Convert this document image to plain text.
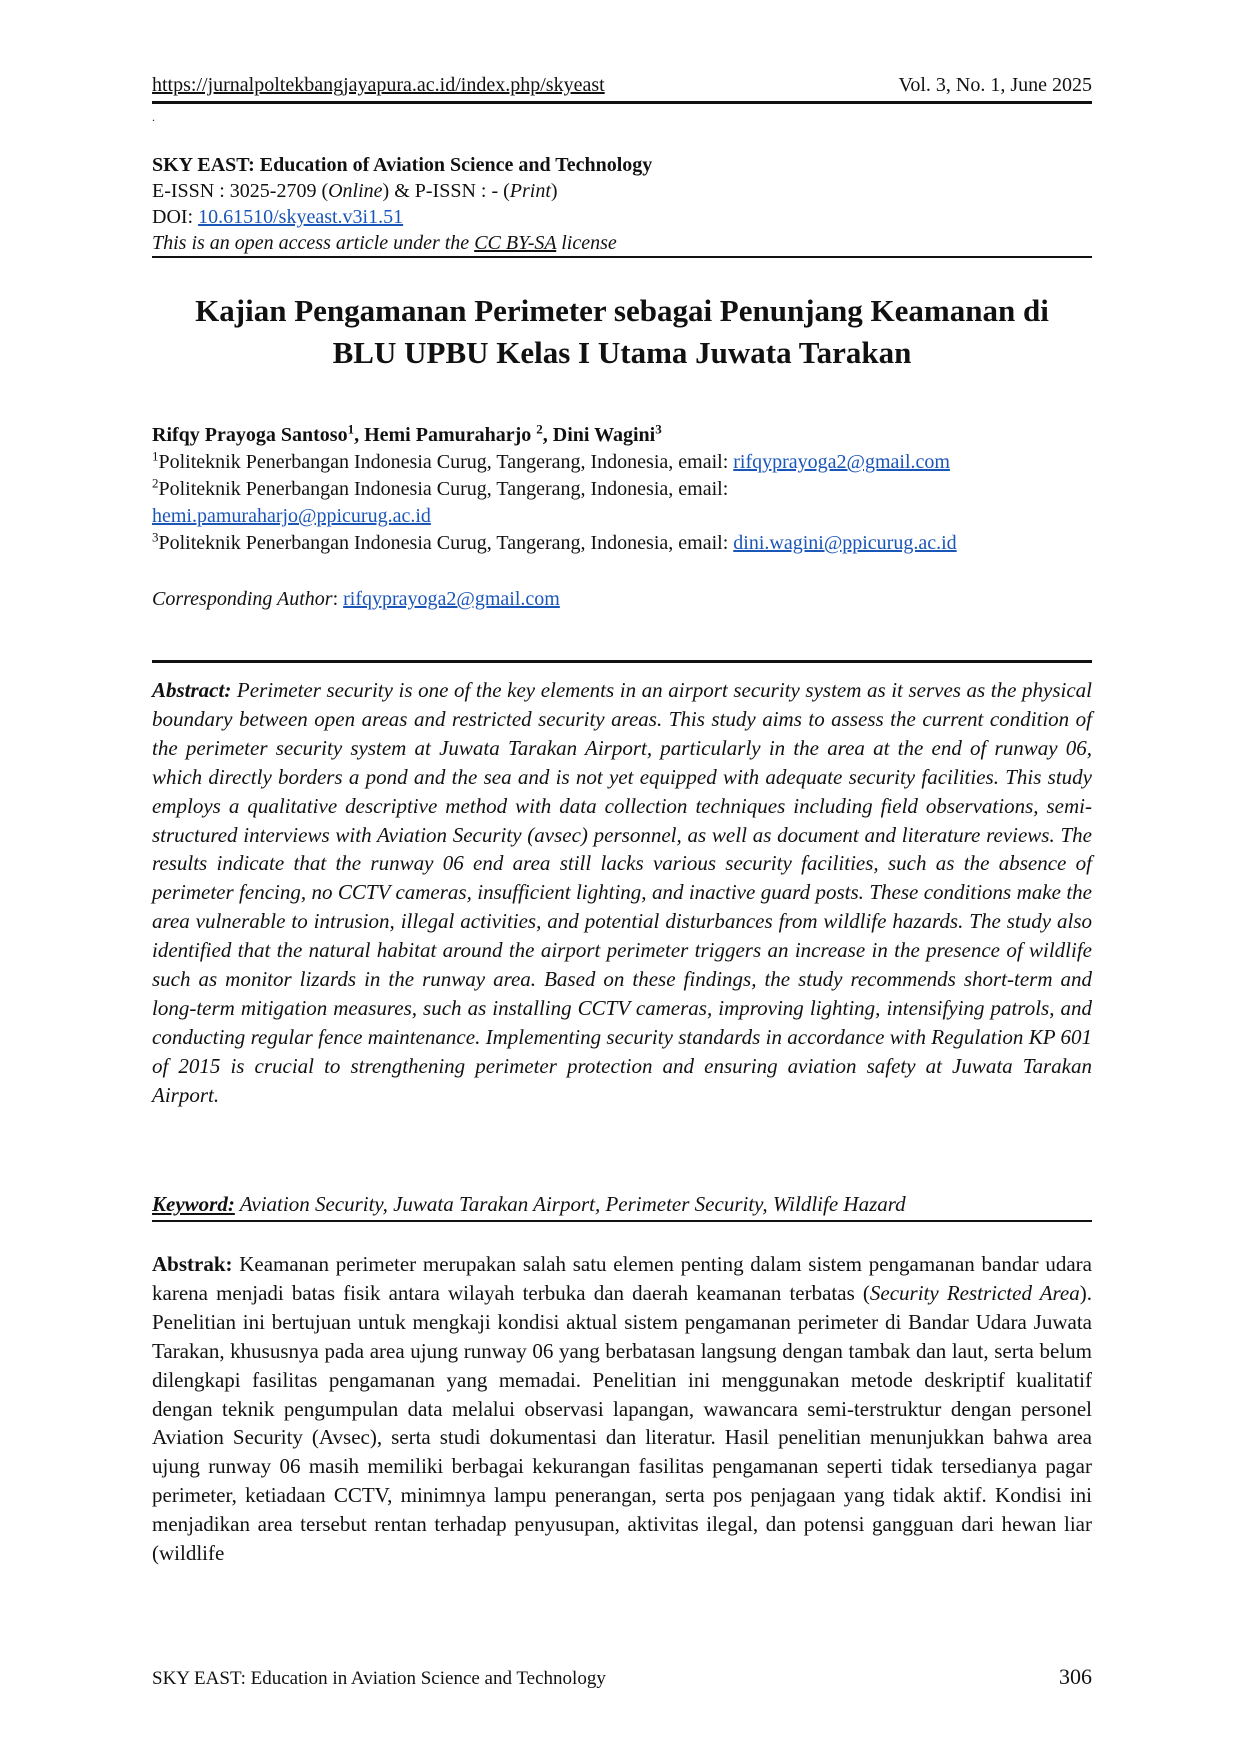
https://jurnalpoltekbangjayapura.ac.id/index.php/skyeast	Vol. 3, No. 1, June 2025
.
SKY EAST: Education of Aviation Science and Technology
E-ISSN : 3025-2709 (Online) & P-ISSN : - (Print)
DOI: 10.61510/skyeast.v3i1.51
This is an open access article under the CC BY-SA license
Kajian Pengamanan Perimeter sebagai Penunjang Keamanan di
BLU UPBU Kelas I Utama Juwata Tarakan
Rifqy Prayoga Santoso$^1$, Hemi Pamuraharjo $^2$, Dini Wagini$^3$
$^1$Politeknik Penerbangan Indonesia Curug, Tangerang, Indonesia, email: rifqyprayoga2@gmail.com
$^2$Politeknik Penerbangan Indonesia Curug, Tangerang, Indonesia, email:
hemi.pamuraharjo@ppicurug.ac.id
$^3$Politeknik Penerbangan Indonesia Curug, Tangerang, Indonesia, email: dini.wagini@ppicurug.ac.id
Corresponding Author: rifqyprayoga2@gmail.com
Abstract: Perimeter security is one of the key elements in an airport security system as it serves as the physical boundary between open areas and restricted security areas. This study aims to assess the current condition of the perimeter security system at Juwata Tarakan Airport, particularly in the area at the end of runway 06, which directly borders a pond and the sea and is not yet equipped with adequate security facilities. This study employs a qualitative descriptive method with data collection techniques including field observations, semi-structured interviews with Aviation Security (avsec) personnel, as well as document and literature reviews. The results indicate that the runway 06 end area still lacks various security facilities, such as the absence of perimeter fencing, no CCTV cameras, insufficient lighting, and inactive guard posts. These conditions make the area vulnerable to intrusion, illegal activities, and potential disturbances from wildlife hazards. The study also identified that the natural habitat around the airport perimeter triggers an increase in the presence of wildlife such as monitor lizards in the runway area. Based on these findings, the study recommends short-term and long-term mitigation measures, such as installing CCTV cameras, improving lighting, intensifying patrols, and conducting regular fence maintenance. Implementing security standards in accordance with Regulation KP 601 of 2015 is crucial to strengthening perimeter protection and ensuring aviation safety at Juwata Tarakan Airport.
Keyword: Aviation Security, Juwata Tarakan Airport, Perimeter Security, Wildlife Hazard
Abstrak: Keamanan perimeter merupakan salah satu elemen penting dalam sistem pengamanan bandar udara karena menjadi batas fisik antara wilayah terbuka dan daerah keamanan terbatas (Security Restricted Area). Penelitian ini bertujuan untuk mengkaji kondisi aktual sistem pengamanan perimeter di Bandar Udara Juwata Tarakan, khususnya pada area ujung runway 06 yang berbatasan langsung dengan tambak dan laut, serta belum dilengkapi fasilitas pengamanan yang memadai. Penelitian ini menggunakan metode deskriptif kualitatif dengan teknik pengumpulan data melalui observasi lapangan, wawancara semi-terstruktur dengan personel Aviation Security (Avsec), serta studi dokumentasi dan literatur. Hasil penelitian menunjukkan bahwa area ujung runway 06 masih memiliki berbagai kekurangan fasilitas pengamanan seperti tidak tersedianya pagar perimeter, ketiadaan CCTV, minimnya lampu penerangan, serta pos penjagaan yang tidak aktif. Kondisi ini menjadikan area tersebut rentan terhadap penyusupan, aktivitas ilegal, dan potensi gangguan dari hewan liar (wildlife
SKY EAST: Education in Aviation Science and Technology	306
